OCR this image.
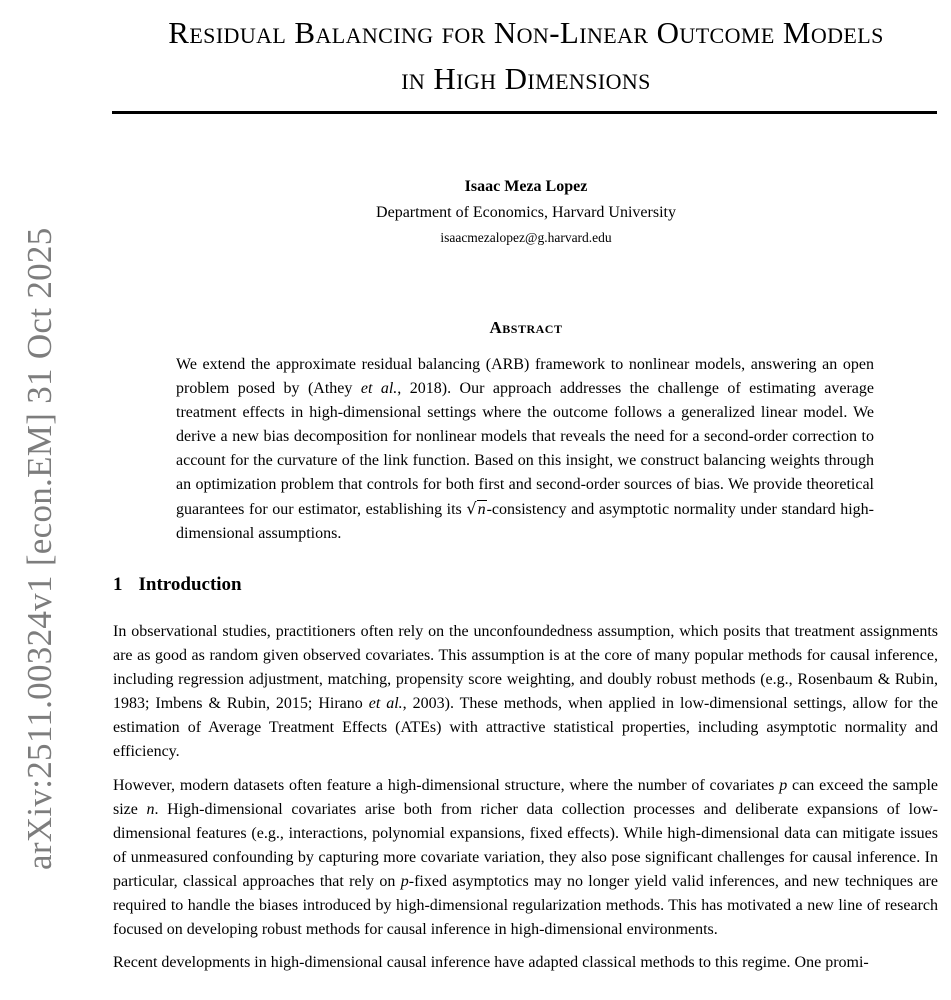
arXiv:2511.00324v1 [econ.EM] 31 Oct 2025
Residual Balancing for Non-Linear Outcome Models
in High Dimensions
Isaac Meza Lopez
Department of Economics, Harvard University
isaacmezalopez@g.harvard.edu
Abstract
We extend the approximate residual balancing (ARB) framework to nonlinear models, answering an open problem posed by (Athey et al., 2018). Our approach addresses the challenge of estimating average treatment effects in high-dimensional settings where the outcome follows a generalized linear model. We derive a new bias decomposition for nonlinear models that reveals the need for a second-order correction to account for the curvature of the link function. Based on this insight, we construct balancing weights through an optimization problem that controls for both first and second-order sources of bias. We provide theoretical guarantees for our estimator, establishing its √n-consistency and asymptotic normality under standard high-dimensional assumptions.
1 Introduction

In observational studies, practitioners often rely on the unconfoundedness assumption, which posits that treatment assignments are as good as random given observed covariates. This assumption is at the core of many popular methods for causal inference, including regression adjustment, matching, propensity score weighting, and doubly robust methods (e.g., Rosenbaum & Rubin, 1983; Imbens & Rubin, 2015; Hirano et al., 2003). These methods, when applied in low-dimensional settings, allow for the estimation of Average Treatment Effects (ATEs) with attractive statistical properties, including asymptotic normality and efficiency.

However, modern datasets often feature a high-dimensional structure, where the number of covariates p can exceed the sample size n. High-dimensional covariates arise both from richer data collection processes and deliberate expansions of low-dimensional features (e.g., interactions, polynomial expansions, fixed effects). While high-dimensional data can mitigate issues of unmeasured confounding by capturing more covariate variation, they also pose significant challenges for causal inference. In particular, classical approaches that rely on p-fixed asymptotics may no longer yield valid inferences, and new techniques are required to handle the biases introduced by high-dimensional regularization methods. This has motivated a new line of research focused on developing robust methods for causal inference in high-dimensional environments.

Recent developments in high-dimensional causal inference have adapted classical methods to this regime. One promi-
